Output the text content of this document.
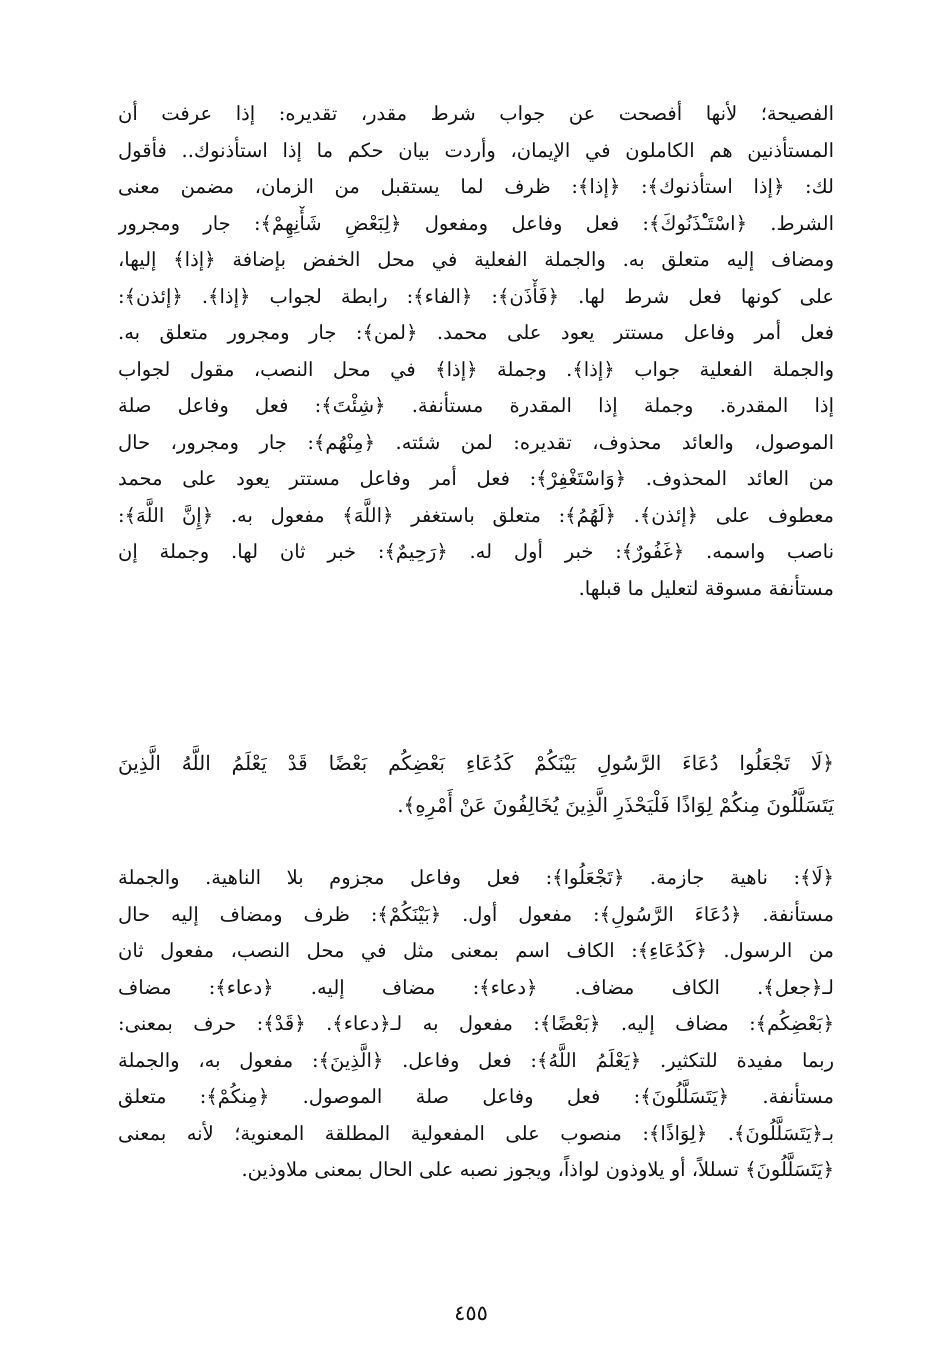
الفصيحة؛ لأنها أفصحت عن جواب شرط مقدر، تقديره: إذا عرفت أن
المستأذنين هم الكاملون في الإيمان، وأردت بيان حكم ما إذا استأذنوك.. فأقول
لك: ﴿إذا استأذنوك﴾: ﴿إذا﴾: ظرف لما يستقبل من الزمان، مضمن معنى
الشرط. ﴿اسْتَـْٔذَنُوكَ﴾: فعل وفاعل ومفعول ﴿لِبَعْضِ شَأْنِهِمْ﴾: جار ومجرور
ومضاف إليه متعلق به. والجملة الفعلية في محل الخفض بإضافة ﴿إذا﴾ إليها،
على كونها فعل شرط لها. ﴿فَأْذَن﴾: ﴿الفاء﴾: رابطة لجواب ﴿إذا﴾. ﴿إئذن﴾:
فعل أمر وفاعل مستتر يعود على محمد. ﴿لمن﴾: جار ومجرور متعلق به.
والجملة الفعلية جواب ﴿إذا﴾. وجملة ﴿إذا﴾ في محل النصب، مقول لجواب
إذا المقدرة. وجملة إذا المقدرة مستأنفة. ﴿شِئْتَ﴾: فعل وفاعل صلة
الموصول، والعائد محذوف، تقديره: لمن شئته. ﴿مِنْهُم﴾: جار ومجرور، حال
من العائد المحذوف. ﴿وَاسْتَغْفِرْ﴾: فعل أمر وفاعل مستتر يعود على محمد
معطوف على ﴿إئذن﴾. ﴿لَهُمُ﴾: متعلق باستغفر ﴿اللَّهَ﴾ مفعول به. ﴿إِنَّ اللَّهَ﴾:
ناصب واسمه. ﴿غَفُورٌ﴾: خبر أول له. ﴿رَحِيمٌ﴾: خبر ثان لها. وجملة إن
مستأنفة مسوقة لتعليل ما قبلها.
﴿لَا تَجْعَلُوا دُعَاءَ الرَّسُولِ بَيْنَكُمْ كَدُعَاءِ بَعْضِكُم بَعْضًا قَدْ يَعْلَمُ اللَّهُ الَّذِينَ
يَتَسَلَّلُونَ مِنكُمْ لِوَاذًا فَلْيَحْذَرِ الَّذِينَ يُخَالِفُونَ عَنْ أَمْرِهِ﴾.
﴿لَا﴾: ناهية جازمة. ﴿تَجْعَلُوا﴾: فعل وفاعل مجزوم بلا الناهية. والجملة
مستأنفة. ﴿دُعَاءَ الرَّسُولِ﴾: مفعول أول. ﴿بَيْنَكُمْ﴾: ظرف ومضاف إليه حال
من الرسول. ﴿كَدُعَاءِ﴾: الكاف اسم بمعنى مثل في محل النصب، مفعول ثان
لـ﴿جعل﴾. الكاف مضاف. ﴿دعاء﴾: مضاف إليه. ﴿دعاء﴾: مضاف
﴿بَعْضِكُم﴾: مضاف إليه. ﴿بَعْضًا﴾: مفعول به لـ﴿دعاء﴾. ﴿قَدْ﴾: حرف بمعنى:
ربما مفيدة للتكثير. ﴿يَعْلَمُ اللَّهُ﴾: فعل وفاعل. ﴿الَّذِينَ﴾: مفعول به، والجملة
مستأنفة. ﴿يَتَسَلَّلُونَ﴾: فعل وفاعل صلة الموصول. ﴿مِنكُمْ﴾: متعلق
بـ﴿يَتَسَلَّلُونَ﴾. ﴿لِوَاذًا﴾: منصوب على المفعولية المطلقة المعنوية؛ لأنه بمعنى
﴿يَتَسَلَّلُونَ﴾ تسللاً، أو يلاوذون لواذاً، ويجوز نصبه على الحال بمعنى ملاوذين.
٤٥٥
